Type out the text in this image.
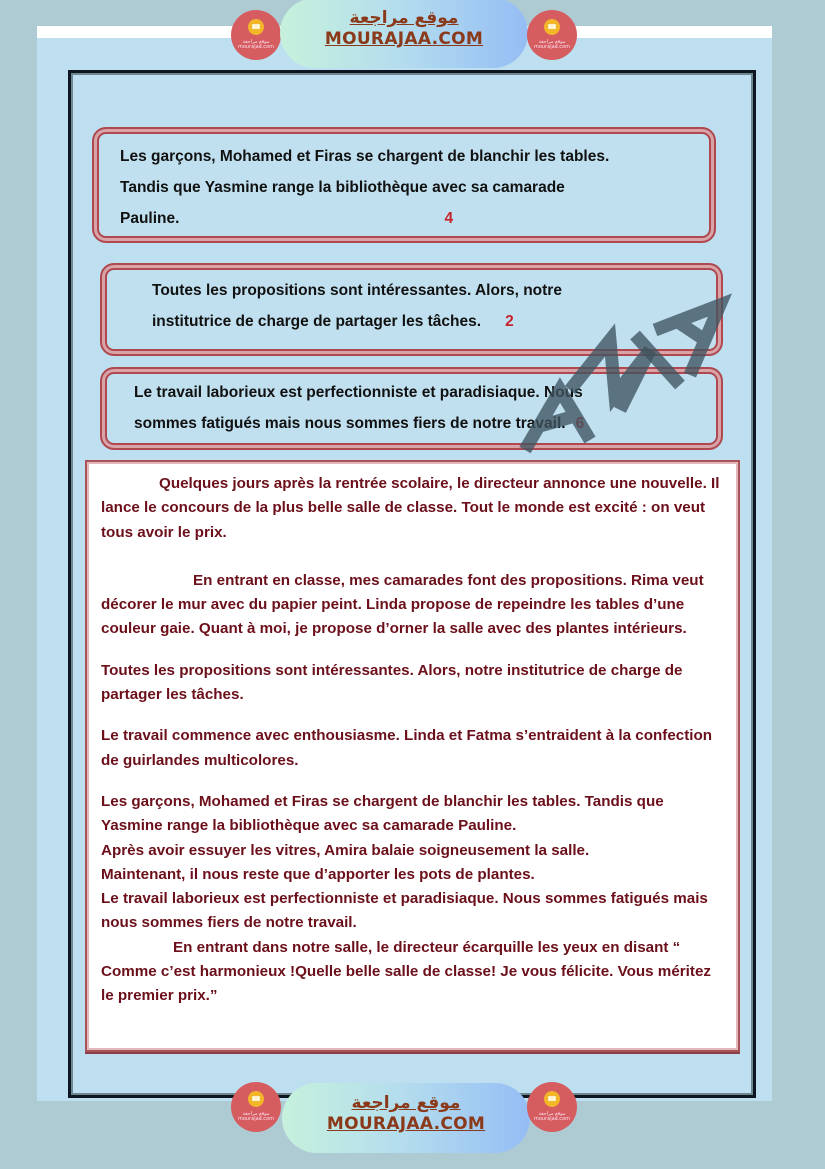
Les garçons, Mohamed et Firas se chargent de blanchir les tables.
Tandis que Yasmine range la bibliothèque avec sa camarade
Pauline.	4
Toutes les propositions sont intéressantes. Alors, notre
institutrice de charge de partager les tâches. 2
Le travail laborieux est perfectionniste et paradisiaque. Nous
sommes fatigués mais nous sommes fiers de notre travail. 6

Quelques jours après la rentrée scolaire, le directeur annonce une nouvelle. Il lance le concours de la plus belle salle de classe. Tout le monde est excité : on veut tous avoir le prix.

En entrant en classe, mes camarades font des propositions. Rima veut décorer le mur avec du papier peint. Linda propose de repeindre les tables d’une couleur gaie. Quant à moi, je propose d’orner la salle avec des plantes intérieurs.

Toutes les propositions sont intéressantes. Alors, notre institutrice de charge de partager les tâches.

Le travail commence avec enthousiasme. Linda et Fatma s’entraident à la confection de guirlandes multicolores.

Les garçons, Mohamed et Firas se chargent de blanchir les tables. Tandis que Yasmine range la bibliothèque avec sa camarade Pauline.

Après avoir essuyer les vitres, Amira balaie soigneusement la salle.

Maintenant, il nous reste que d’apporter les pots de plantes.

Le travail laborieux est perfectionniste et paradisiaque. Nous sommes fatigués mais nous sommes fiers de notre travail.

En entrant dans notre salle, le directeur écarquille les yeux en disant “ Comme c’est harmonieux !Quelle belle salle de classe! Je vous félicite. Vous méritez le premier prix.”

موقع مراجعة
mourajaa.com
موقع مراجعة
MOURAJAA.COM	موقع مراجعة
mourajaa.com
موقع مراجعة
mourajaa.com
موقع مراجعة
MOURAJAA.COM	موقع مراجعة
mourajaa.com
